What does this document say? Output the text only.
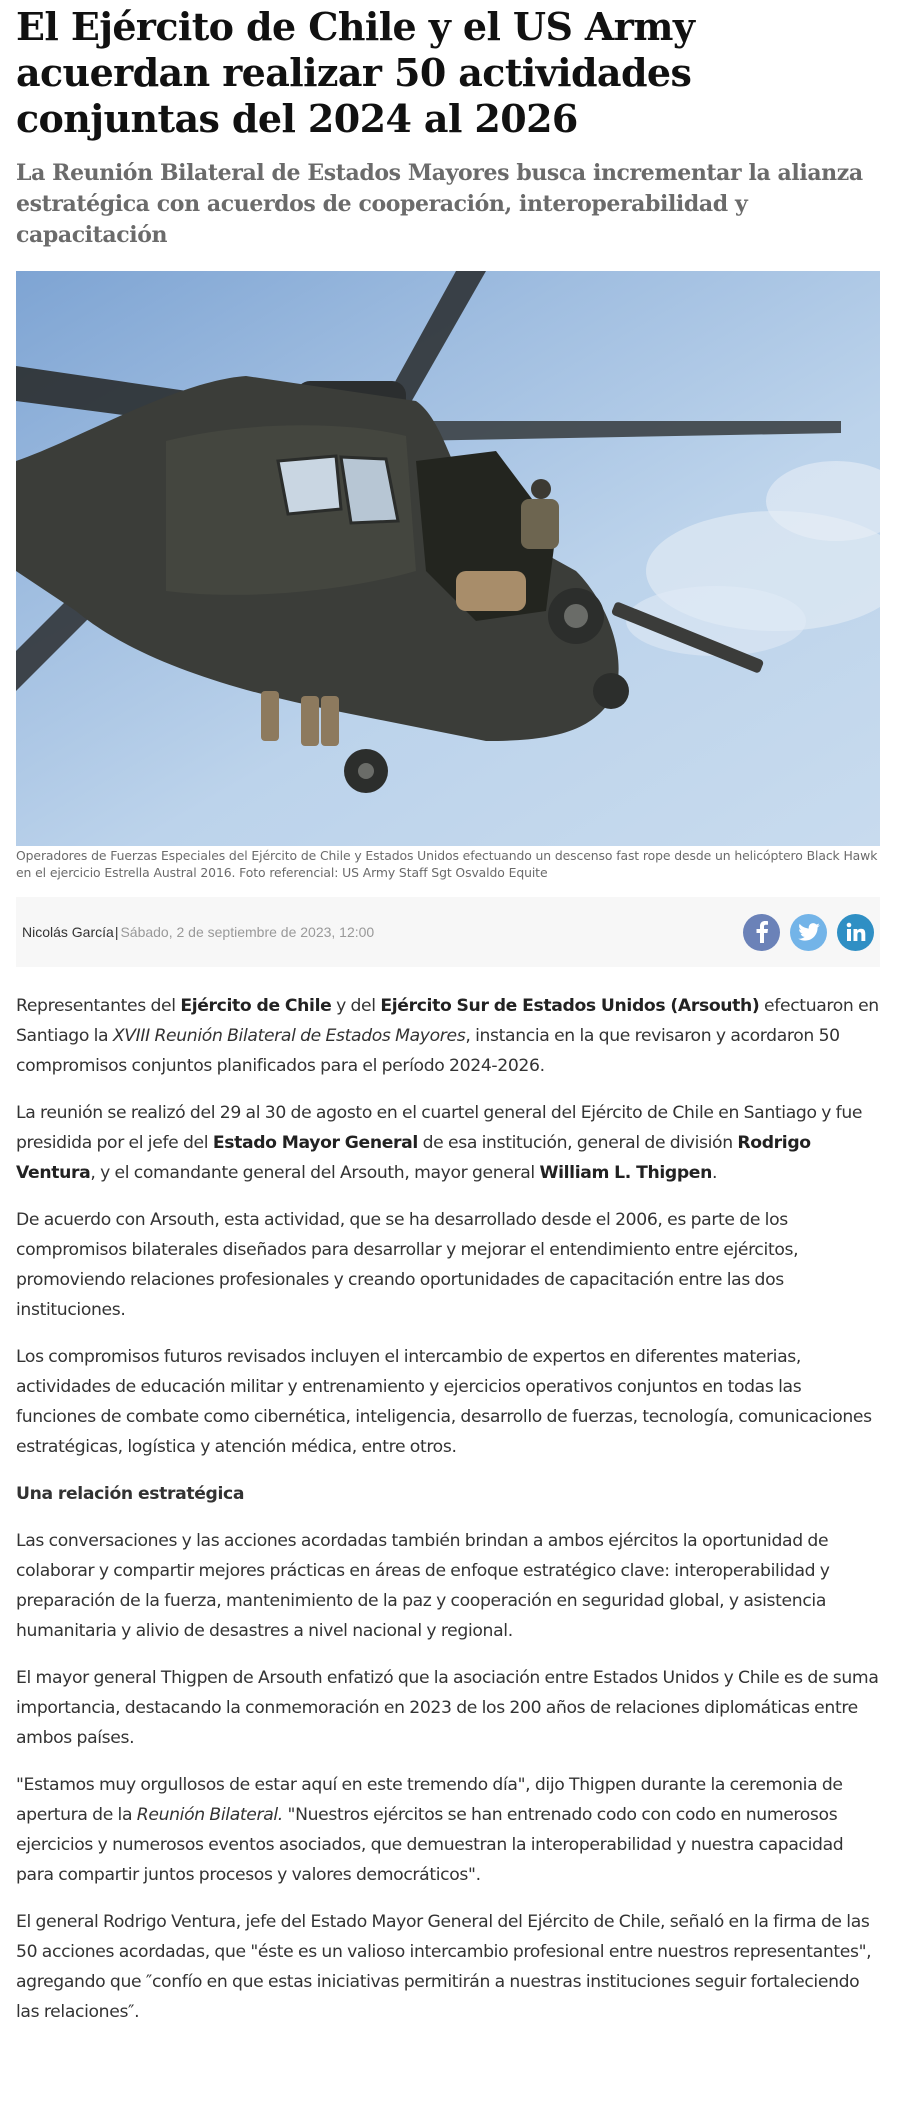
El Ejército de Chile y el US Army acuerdan realizar 50 actividades conjuntas del 2024 al 2026
La Reunión Bilateral de Estados Mayores busca incrementar la alianza estratégica con acuerdos de cooperación, interoperabilidad y capacitación
Operadores de Fuerzas Especiales del Ejército de Chile y Estados Unidos efectuando un descenso fast rope desde un helicóptero Black Hawk en el ejercicio Estrella Austral 2016. Foto referencial: US Army Staff Sgt Osvaldo Equite
Nicolás García| Sábado, 2 de septiembre de 2023, 12:00

Representantes del Ejército de Chile y del Ejército Sur de Estados Unidos (Arsouth) efectuaron en Santiago la XVIII Reunión Bilateral de Estados Mayores, instancia en la que revisaron y acordaron 50 compromisos conjuntos planificados para el período 2024-2026.

La reunión se realizó del 29 al 30 de agosto en el cuartel general del Ejército de Chile en Santiago y fue presidida por el jefe del Estado Mayor General de esa institución, general de división Rodrigo Ventura, y el comandante general del Arsouth, mayor general William L. Thigpen.

De acuerdo con Arsouth, esta actividad, que se ha desarrollado desde el 2006, es parte de los compromisos bilaterales diseñados para desarrollar y mejorar el entendimiento entre ejércitos, promoviendo relaciones profesionales y creando oportunidades de capacitación entre las dos instituciones.

Los compromisos futuros revisados incluyen el intercambio de expertos en diferentes materias, actividades de educación militar y entrenamiento y ejercicios operativos conjuntos en todas las funciones de combate como cibernética, inteligencia, desarrollo de fuerzas, tecnología, comunicaciones estratégicas, logística y atención médica, entre otros.

Una relación estratégica

Las conversaciones y las acciones acordadas también brindan a ambos ejércitos la oportunidad de colaborar y compartir mejores prácticas en áreas de enfoque estratégico clave: interoperabilidad y preparación de la fuerza, mantenimiento de la paz y cooperación en seguridad global, y asistencia humanitaria y alivio de desastres a nivel nacional y regional.

El mayor general Thigpen de Arsouth enfatizó que la asociación entre Estados Unidos y Chile es de suma importancia, destacando la conmemoración en 2023 de los 200 años de relaciones diplomáticas entre ambos países.

"Estamos muy orgullosos de estar aquí en este tremendo día", dijo Thigpen durante la ceremonia de apertura de la Reunión Bilateral. "Nuestros ejércitos se han entrenado codo con codo en numerosos ejercicios y numerosos eventos asociados, que demuestran la interoperabilidad y nuestra capacidad para compartir juntos procesos y valores democráticos".

El general Rodrigo Ventura, jefe del Estado Mayor General del Ejército de Chile, señaló en la firma de las 50 acciones acordadas, que "éste es un valioso intercambio profesional entre nuestros representantes", agregando que ″confío en que estas iniciativas permitirán a nuestras instituciones seguir fortaleciendo las relaciones″.
